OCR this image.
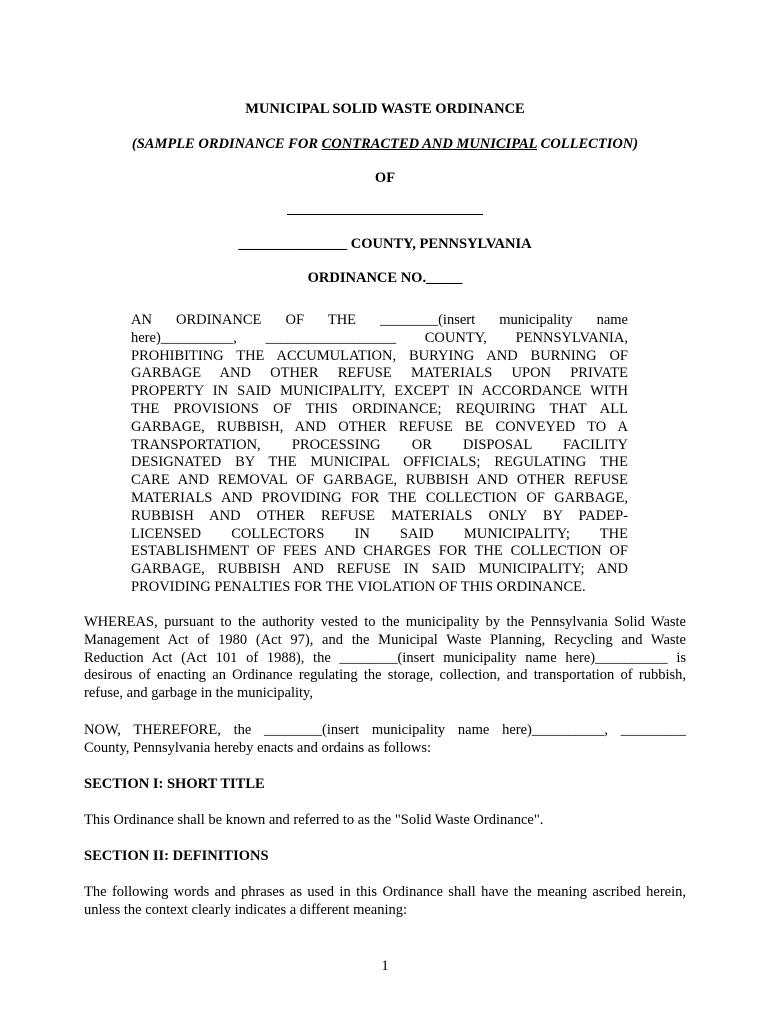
MUNICIPAL SOLID WASTE ORDINANCE
(SAMPLE ORDINANCE FOR CONTRACTED AND MUNICIPAL COLLECTION)
OF
_______________ COUNTY, PENNSYLVANIA
ORDINANCE NO._____
AN ORDINANCE OF THE ________(insert municipality name
here)__________, __________________ COUNTY, PENNSYLVANIA,
PROHIBITING THE ACCUMULATION, BURYING AND BURNING OF
GARBAGE AND OTHER REFUSE MATERIALS UPON PRIVATE
PROPERTY IN SAID MUNICIPALITY, EXCEPT IN ACCORDANCE WITH
THE PROVISIONS OF THIS ORDINANCE; REQUIRING THAT ALL
GARBAGE, RUBBISH, AND OTHER REFUSE BE CONVEYED TO A
TRANSPORTATION, PROCESSING OR DISPOSAL FACILITY
DESIGNATED BY THE MUNICIPAL OFFICIALS; REGULATING THE
CARE AND REMOVAL OF GARBAGE, RUBBISH AND OTHER REFUSE
MATERIALS AND PROVIDING FOR THE COLLECTION OF GARBAGE,
RUBBISH AND OTHER REFUSE MATERIALS ONLY BY PADEP-
LICENSED COLLECTORS IN SAID MUNICIPALITY; THE
ESTABLISHMENT OF FEES AND CHARGES FOR THE COLLECTION OF
GARBAGE, RUBBISH AND REFUSE IN SAID MUNICIPALITY; AND
PROVIDING PENALTIES FOR THE VIOLATION OF THIS ORDINANCE.
WHEREAS, pursuant to the authority vested to the municipality by the Pennsylvania Solid Waste
Management Act of 1980 (Act 97), and the Municipal Waste Planning, Recycling and Waste
Reduction Act (Act 101 of 1988), the ________(insert municipality name here)__________ is
desirous of enacting an Ordinance regulating the storage, collection, and transportation of rubbish,
refuse, and garbage in the municipality,
NOW, THEREFORE, the ________(insert municipality name here)__________, _________
County, Pennsylvania hereby enacts and ordains as follows:
SECTION I: SHORT TITLE
This Ordinance shall be known and referred to as the "Solid Waste Ordinance".
SECTION II: DEFINITIONS
The following words and phrases as used in this Ordinance shall have the meaning ascribed herein,
unless the context clearly indicates a different meaning:
1
